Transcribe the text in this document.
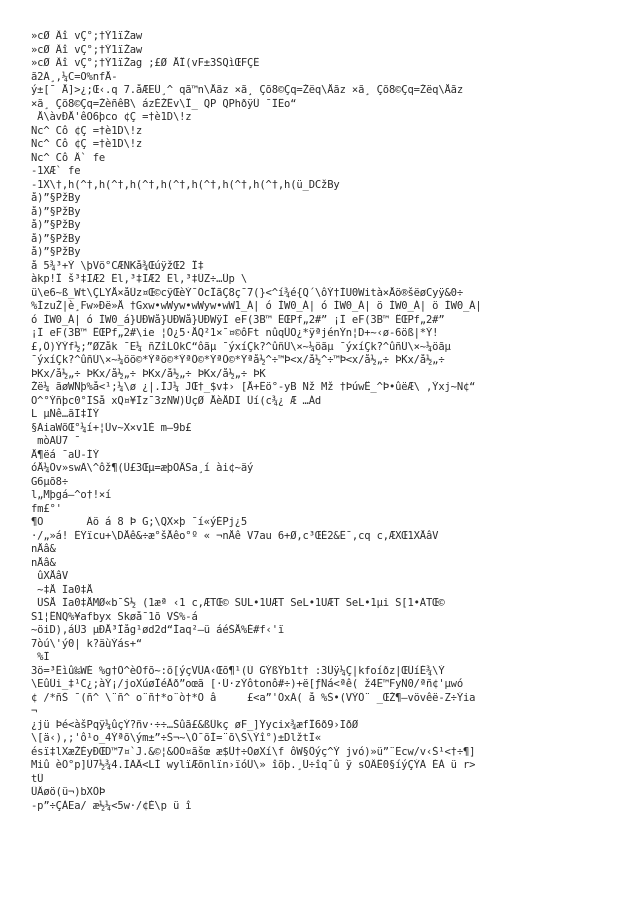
»cØ Âî vÇ°;†Ý1ïŽaw
»cØ Âî vÇ°;†Ý1ïŽaw
»cØ Âî vÇ°;†Ý1ïŽag ;£Ø ÅÎ(vF±3ŠQìŒFÇË
ã2Ä¸,¼C=O%nfÅ-
ý±[¯ Å]>¿;Œ‹.q 7.åÆEÜ¸^ qã™n\Åãz ×ã¸ Çõ8©Çq=Žëq\Åãz ×ã¸ Çõ8©Çq=Žëq\Åãz
×ã¸ Çõ8©Çq=ŽèñêB\ ázÈŽÊv\Î_ QP QPhðÿÛ ¯ÏËo“
Å\àvÐÅ'êO6þco ¢Ç =†è1D\!z
Ñc^ Cô ¢Ç =†è1D\!z
Ñc^ Cô ¢Ç =†è1D\!z
Ñc^ Cô Â` fe
-1XÆ` fe
-1X\†,h(^†,h(^†,h(^†,h(^†,h(^†,h(^†,h(^†,h(ü_DCžBy
å)”§PžBy
å)”§PžBy
å)”§PžBy
å)”§PžBy
å)”§PžBy
å 5¾³+Ý \þVö°CÆÑKå¾ŒúÿžŒ2 Î‡
àkp!Î š³‡IÆ2 Ël,³‡IÆ2 Ël,³‡ÜZ÷…Üp \
ü\e6~ß_Wt\ÇLYÅ×åÜz¤Œ©cÿŒèÝ¯ÕcÎãÇ8ç¯7(}<^í¾é{Q´\ôÝ†ÌU0Wità×Åö®šëøCyÿ&0÷
%ÍzuŽ|è¸Fw»Ðë»Å †Gxw•wWyw•wWyw•wW1_Á| ó ÌW0_Á| ó ÌW0_Á| ö ÌW0_Á| ö ÌW0_Á|
ó ÌW0_Á| ó ÌW0_á}UÐWå}UÐWå}UÐWÿÌ eF(3B™ ÊŒPf„2#” ¡Ï eF(3B™ ÊŒPf„2#”
¡Ï eF(3B™ ÊŒPf„2#\ie ¦Ó¿5·ÅQ²1×¯¤©ôFt nûqÛO¿*ÿªjénÝn¦D+~‹ø-6öß|*Ý!
£,Ô)ÝÝf½;”ØZåk ¯E¼ ñZîLÕkC“ôãµ ¯ýxíÇk?^ûñÚ\×~¼öãµ ¯ýxíÇk?^ûñÚ\×~¼öãµ
¯ýxíÇk?^ûñÚ\×~¼öö©*Ýªö©*ÝªÖ©*ÝªÖ©*Ýªå½^÷™Þ<x/å½^÷™Þ<x/å½„÷ ÞKx/å½„÷
ÞKx/å½„÷ ÞKx/å½„÷ ÞKx/å½„÷ ÞKx/å½„÷ ÞK
Žë¼ ãøWÑþ%å<¹;¼\ø ¿|.ÌJ¼ JŒ†_$v‡› [Å+Ëö°-yB Nž Mž †ÞúwÊ_^Þ•ûëÆ\ ,Ýxj~N¢“
O^°Ýñþc0°ÏSå xQ¤¥Ìz¯3zÑW)ÙçØ ÅèÅDI Ûí(c¾¿ Æ …Ád
L µÑê…ãI‡ÎÝ
§ÃiaWõŒ°¼í+¦Üv~X×v1È m—9b£
mòAÛ7 ¯
Å¶ëá ¯aÜ-ÍÝ
óÅ¼Õv»swÄ\^ôž¶(Ü£3Œµ=æþOÂSa¸í ài¢~äý
G6µõ8÷
l„Mþgá—^o†!×í
fm£°'
¶O       Äö á 8 Þ G;\QX×þ ¯í«ýÉPj¿5
·/„»á! ËŸïcu+\DÅê&÷æ°šÅêo°º « ¬nÅê V7au 6+Ø,c³ŒÉ2&Ë¯,cq c,ÆXŒ1XÅâV
nÅâ&
nÅâ&
ûXÅâV
~‡Å Ïa0‡Å
ÜŠÅ Ïa0‡ÅMØ«b¯Š½ (1æª ‹1 c,ÆTŒ© SUL•1UÆT SeL•1UÆT SeL•1µi S[1•ÃTŒ©
S1¦ÊÑQ%¥afbyx Skøå¯1õ VŠ%-á
~öiD),áÛ3 µÐÅ³Îåg¹ød2d“Íaq²—ü áéŠÅ%É#f‹'ï
7òú\'ý0| k?äùÝás+“
%Ï
3ö=³Êìû‰WÉ %g†Õ^èÕfõ~:õ[ýçVÛA‹Œõ¶¹(Ù GÝßÝb1t† :3Ûÿ¼Ç|kfoíðz|ŒÜíÉ¾\Ý
\EûÜi_‡¹C¿;àÝ¡/joXúøÎéÂð”oœã [·Ù·zÝôtonô#÷)+ë[ƒÑá<ªê( ž4Ë™FyÑ0/ªñ¢'µwó
¢ /*ñŠ ¯(ñ^ \¨ñ^ o¨ñ†*o¨ò†*O â     £<a”'ÕxÄ( å %Š•(VÝÖ¨ _ŒŽ¶—vövêë-Z÷Ýia
¬
¿jü Þé<àšPqÿ¼ûçÝ?ñv·÷÷…Šûã£&ßÜkç øF_]Yycix¾æfÎ6ð9›IðØ
\[ä‹),;'ô¹o_4Ýªõ\ým±”÷Š¬~\Ó¯õÍ=¨õ\Š\Ýî°)±DlžtÎ«
ésï‡lXæŽÈyÐŒD™7¤`J.&©¦&ÕÕ¤ãšœ æ$Û†÷ÒøXí\f ôW§Ôýç^Ý jvó)»ü”¨Ëcw/v‹Š¹<†÷¶]
Miû èÕ°p]Û7½¾4.ÌÃÂ<LÌ wylïÆõnlïn›ïóÛ\» îõþ.¸Ü÷îq¯û ÿ sOÂÊ0§íýÇÝÃ ÉÀ ü r>
tÜ
ÛÂøö(ü¬)bXÖÞ
-p”÷ÇÀEa/ æ½¼<5w·/¢È\p ü î
